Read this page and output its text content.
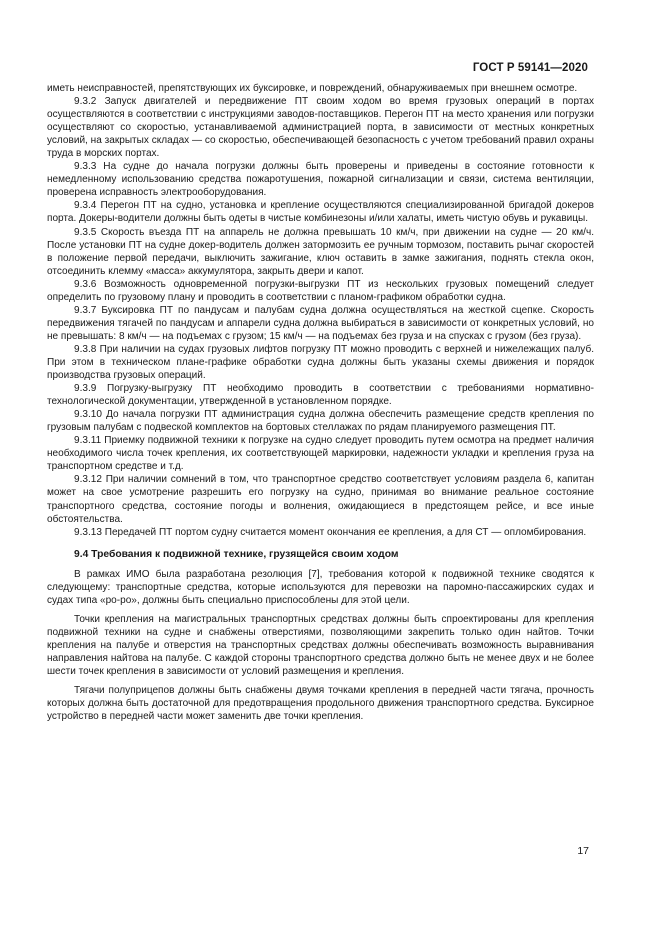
ГОСТ Р 59141—2020

иметь неисправностей, препятствующих их буксировке, и повреждений, обнаруживаемых при внешнем осмотре.

9.3.2 Запуск двигателей и передвижение ПТ своим ходом во время грузовых операций в портах осуществляются в соответствии с инструкциями заводов-поставщиков. Перегон ПТ на место хранения или погрузки осуществляют со скоростью, устанавливаемой администрацией порта, в зависимости от местных конкретных условий, на закрытых складах — со скоростью, обеспечивающей безопасность с учетом требований правил охраны труда в морских портах.

9.3.3 На судне до начала погрузки должны быть проверены и приведены в состояние готовности к немедленному использованию средства пожаротушения, пожарной сигнализации и связи, система вентиляции, проверена исправность электрооборудования.

9.3.4 Перегон ПТ на судно, установка и крепление осуществляются специализированной бригадой докеров порта. Докеры-водители должны быть одеты в чистые комбинезоны и/или халаты, иметь чистую обувь и рукавицы.

9.3.5 Скорость въезда ПТ на аппарель не должна превышать 10 км/ч, при движении на судне — 20 км/ч. После установки ПТ на судне докер-водитель должен затормозить ее ручным тормозом, поставить рычаг скоростей в положение первой передачи, выключить зажигание, ключ оставить в замке зажигания, поднять стекла окон, отсоединить клемму «масса» аккумулятора, закрыть двери и капот.

9.3.6 Возможность одновременной погрузки-выгрузки ПТ из нескольких грузовых помещений следует определить по грузовому плану и проводить в соответствии с планом-графиком обработки судна.

9.3.7 Буксировка ПТ по пандусам и палубам судна должна осуществляться на жесткой сцепке. Скорость передвижения тягачей по пандусам и аппарели судна должна выбираться в зависимости от конкретных условий, но не превышать: 8 км/ч — на подъемах с грузом; 15 км/ч — на подъемах без груза и на спусках с грузом (без груза).

9.3.8 При наличии на судах грузовых лифтов погрузку ПТ можно проводить с верхней и нижележащих палуб. При этом в техническом плане-графике обработки судна должны быть указаны схемы движения и порядок производства грузовых операций.

9.3.9 Погрузку-выгрузку ПТ необходимо проводить в соответствии с требованиями нормативно-технологической документации, утвержденной в установленном порядке.

9.3.10 До начала погрузки ПТ администрация судна должна обеспечить размещение средств крепления по грузовым палубам с подвеской комплектов на бортовых стеллажах по рядам планируемого размещения ПТ.

9.3.11 Приемку подвижной техники к погрузке на судно следует проводить путем осмотра на предмет наличия необходимого числа точек крепления, их соответствующей маркировки, надежности укладки и крепления груза на транспортном средстве и т.д.

9.3.12 При наличии сомнений в том, что транспортное средство соответствует условиям раздела 6, капитан может на свое усмотрение разрешить его погрузку на судно, принимая во внимание реальное состояние транспортного средства, состояние погоды и волнения, ожидающиеся в предстоящем рейсе, и все иные обстоятельства.

9.3.13 Передачей ПТ портом судну считается момент окончания ее крепления, а для СТ — опломбирования.

9.4 Требования к подвижной технике, грузящейся своим ходом

В рамках ИМО была разработана резолюция [7], требования которой к подвижной технике сводятся к следующему: транспортные средства, которые используются для перевозки на паромно-пассажирских судах и судах типа «ро-ро», должны быть специально приспособлены для этой цели.

Точки крепления на магистральных транспортных средствах должны быть спроектированы для крепления подвижной техники на судне и снабжены отверстиями, позволяющими закрепить только один найтов. Точки крепления на палубе и отверстия на транспортных средствах должны обеспечивать возможность выравнивания направления найтова на палубе. С каждой стороны транспортного средства должно быть не менее двух и не более шести точек крепления в зависимости от условий размещения и крепления.

Тягачи полуприцепов должны быть снабжены двумя точками крепления в передней части тягача, прочность которых должна быть достаточной для предотвращения продольного движения транспортного средства. Буксирное устройство в передней части может заменить две точки крепления.

17
